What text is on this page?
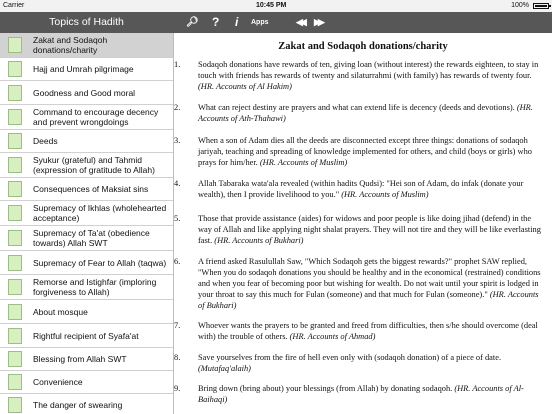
Carrier	10:45 PM	100%
Topics of Hadith	🔎︎ ? i Apps	◀◀ ▶▶
Zakat and Sodaqoh donations/charity
Hajj and Umrah pilgrimage
Goodness and Good moral
Command to encourage decency and prevent wrongdoings
Deeds
Syukur (grateful) and Tahmid (expression of gratitude to Allah)
Consequences of Maksiat sins
Supremacy of Ikhlas (wholehearted acceptance)
Supremacy of Ta'at (obedience towards) Allah SWT
Supremacy of Fear to Allah (taqwa)
Remorse and Istighfar (imploring forgiveness to Allah)
About mosque
Rightful recipient of Syafa'at
Blessing from Allah SWT
Convenience
The danger of swearing
Zakat and Sodaqoh donations/charity
1. Sodaqoh donations have rewards of ten, giving loan (without interest) the rewards eighteen, to stay in touch with friends has rewards of twenty and silaturrahmi (with family) has rewards of twenty four. (HR. Accounts of Al Hakim)
2. What can reject destiny are prayers and what can extend life is decency (deeds and devotions). (HR. Accounts of Ath-Thahawi)
3. When a son of Adam dies all the deeds are disconnected except three things: donations of sodaqoh jariyah, teaching and spreading of knowledge implemented for others, and child (boys or girls) who prays for him/her. (HR. Accounts of Muslim)
4. Allah Tabaraka wata'ala revealed (within hadits Qudsi): "Hei son of Adam, do infak (donate your wealth), then I provide livelihood to you." (HR. Accounts of Muslim)
5. Those that provide assistance (aides) for widows and poor people is like doing jihad (defend) in the way of Allah and like applying night shalat prayers. They will not tire and they will be like everlasting fast. (HR. Accounts of Bukhari)
6. A friend asked Rasulullah Saw, "Which Sodaqoh gets the biggest rewards?" prophet SAW replied, "When you do sodaqoh donations you should be healthy and in the economical (restrained) conditions and when you fear of becoming poor but wishing for wealth. Do not wait until your spirit is lodged in your throat to say this much for Fulan (someone) and that much for Fulan (someone)." (HR. Accounts of Bukhari)
7. Whoever wants the prayers to be granted and freed from difficulties, then s/he should overcome (deal with) the trouble of others. (HR. Accounts of Ahmad)
8. Save yourselves from the fire of hell even only with (sodaqoh donation) of a piece of date. (Mutafaq'alaih)
9. Bring down (bring about) your blessings (from Allah) by donating sodaqoh. (HR. Accounts of Al-Baihaqi)
